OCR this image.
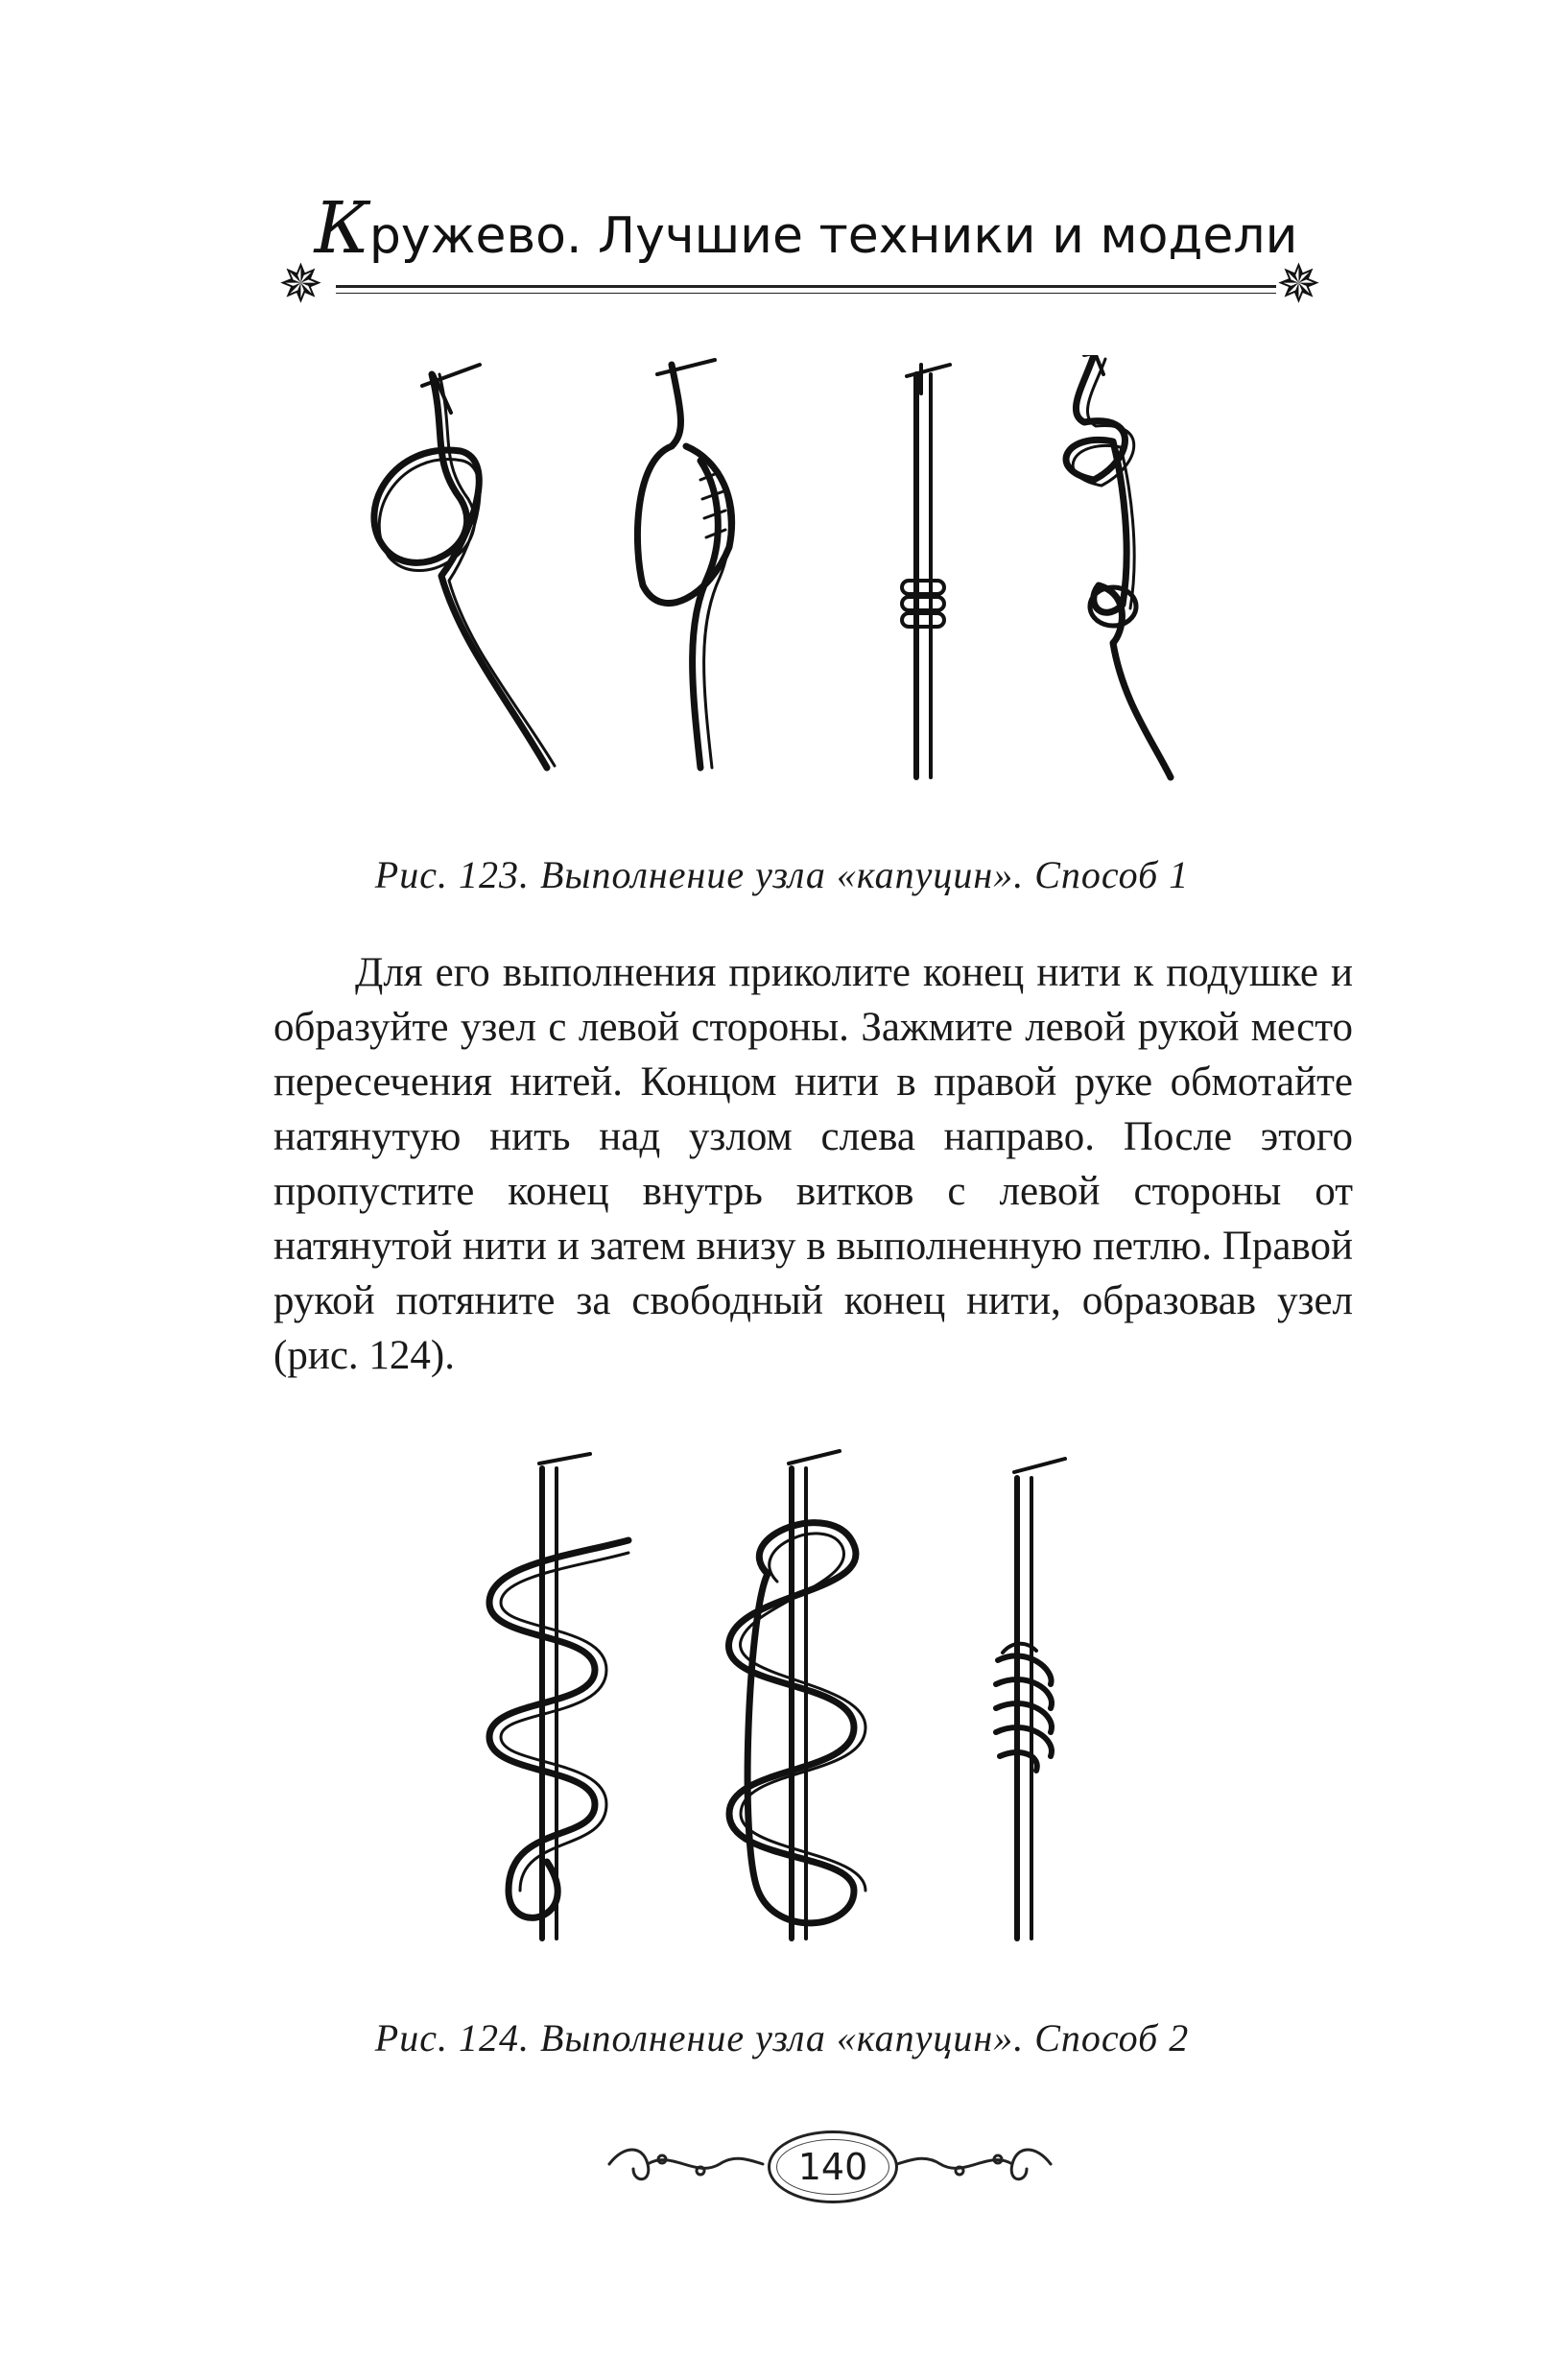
✵
Кружево. Лучшие техники и модели
✵
Рис. 123. Выполнение узла «капуцин». Способ 1

Для его выполнения приколите конец нити к подушке и образуйте узел с левой стороны. Зажмите левой рукой место пересечения нитей. Концом нити в правой руке обмотайте натянутую нить над узлом слева направо. После этого пропустите конец внутрь витков с левой стороны от натянутой нити и затем внизу в выполненную петлю. Правой рукой потяните за свободный конец нити, образовав узел (рис. 124).

Рис. 124. Выполнение узла «капуцин». Способ 2
140
